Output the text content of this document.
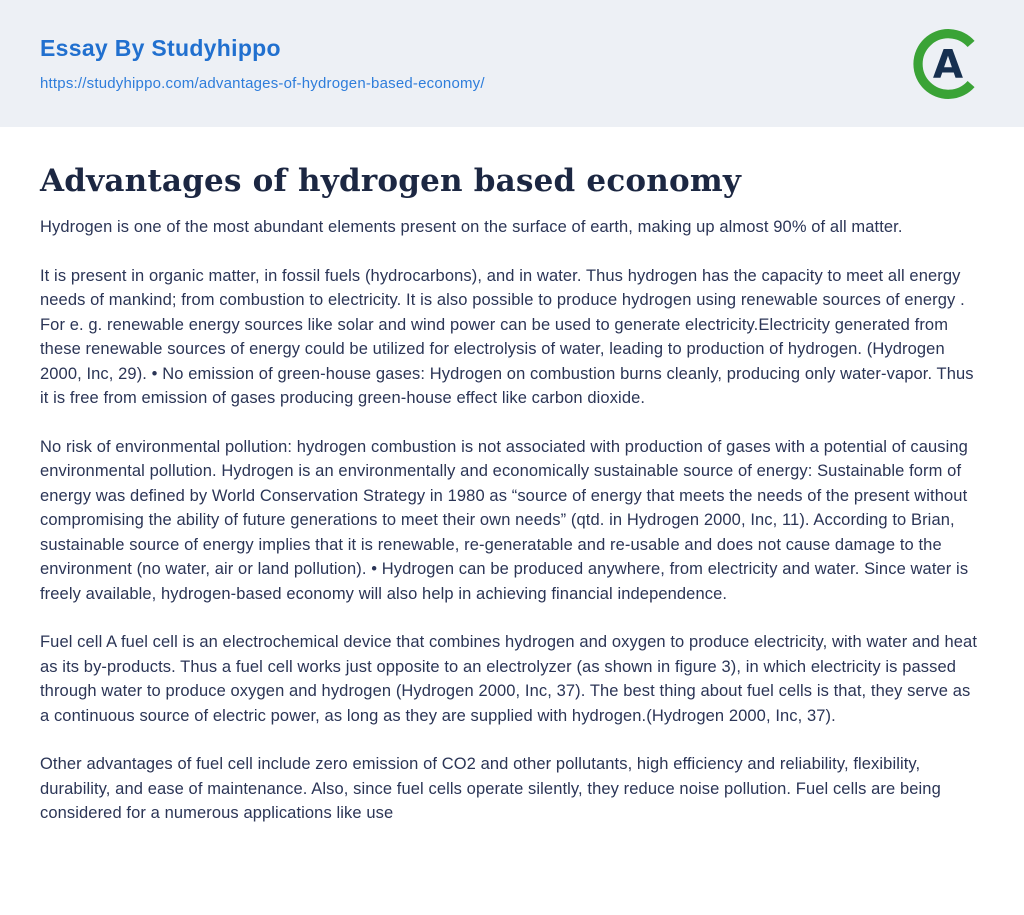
Essay By Studyhippo
https://studyhippo.com/advantages-of-hydrogen-based-economy/	A
Advantages of hydrogen based economy

Hydrogen is one of the most abundant elements present on the surface of earth, making up almost 90% of all matter.

It is present in organic matter, in fossil fuels (hydrocarbons), and in water. Thus hydrogen has the capacity to meet all energy needs of mankind; from combustion to electricity. It is also possible to produce hydrogen using renewable sources of energy . For e. g. renewable energy sources like solar and wind power can be used to generate electricity.Electricity generated from these renewable sources of energy could be utilized for electrolysis of water, leading to production of hydrogen. (Hydrogen 2000, Inc, 29). • No emission of green-house gases: Hydrogen on combustion burns cleanly, producing only water-vapor. Thus it is free from emission of gases producing green-house effect like carbon dioxide.

No risk of environmental pollution: hydrogen combustion is not associated with production of gases with a potential of causing environmental pollution. Hydrogen is an environmentally and economically sustainable source of energy: Sustainable form of energy was defined by World Conservation Strategy in 1980 as “source of energy that meets the needs of the present without compromising the ability of future generations to meet their own needs” (qtd. in Hydrogen 2000, Inc, 11). According to Brian, sustainable source of energy implies that it is renewable, re-generatable and re-usable and does not cause damage to the environment (no water, air or land pollution). • Hydrogen can be produced anywhere, from electricity and water. Since water is freely available, hydrogen-based economy will also help in achieving financial independence.

Fuel cell A fuel cell is an electrochemical device that combines hydrogen and oxygen to produce electricity, with water and heat as its by-products. Thus a fuel cell works just opposite to an electrolyzer (as shown in figure 3), in which electricity is passed through water to produce oxygen and hydrogen (Hydrogen 2000, Inc, 37). The best thing about fuel cells is that, they serve as a continuous source of electric power, as long as they are supplied with hydrogen.(Hydrogen 2000, Inc, 37).

Other advantages of fuel cell include zero emission of CO2 and other pollutants, high efficiency and reliability, flexibility, durability, and ease of maintenance. Also, since fuel cells operate silently, they reduce noise pollution. Fuel cells are being considered for a numerous applications like use
